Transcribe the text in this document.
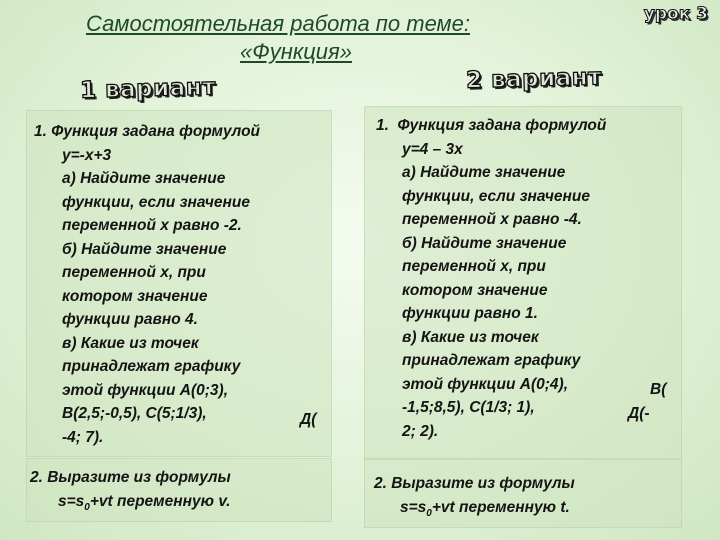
Самостоятельная работа по теме:
«Функция»
урок 3
1 вариант	2 вариант
1. Функция задана формулой
y=-x+3
а) Найдите значение
функции, если значение
переменной x равно -2.
б) Найдите значение
переменной x, при
котором значение
функции равно 4.
в) Какие из точек
принадлежат графику
этой функции А(0;3),
В(2,5;-0,5), С(5;1/3),
-4; 7).
Д(
1.  Функция задана формулой
y=4 – 3x
а) Найдите значение
функции, если значение
переменной x равно -4.
б) Найдите значение
переменной x, при
котором значение
функции равно 1.
в) Какие из точек
принадлежат графику
этой функции А(0;4),
-1,5;8,5), С(1/3; 1),
2; 2).
В(
Д(-
2. Выразите из формулы
$s=s_0+vt$ переменную v.
2. Выразите из формулы
$s=s_0+vt$ переменную t.
